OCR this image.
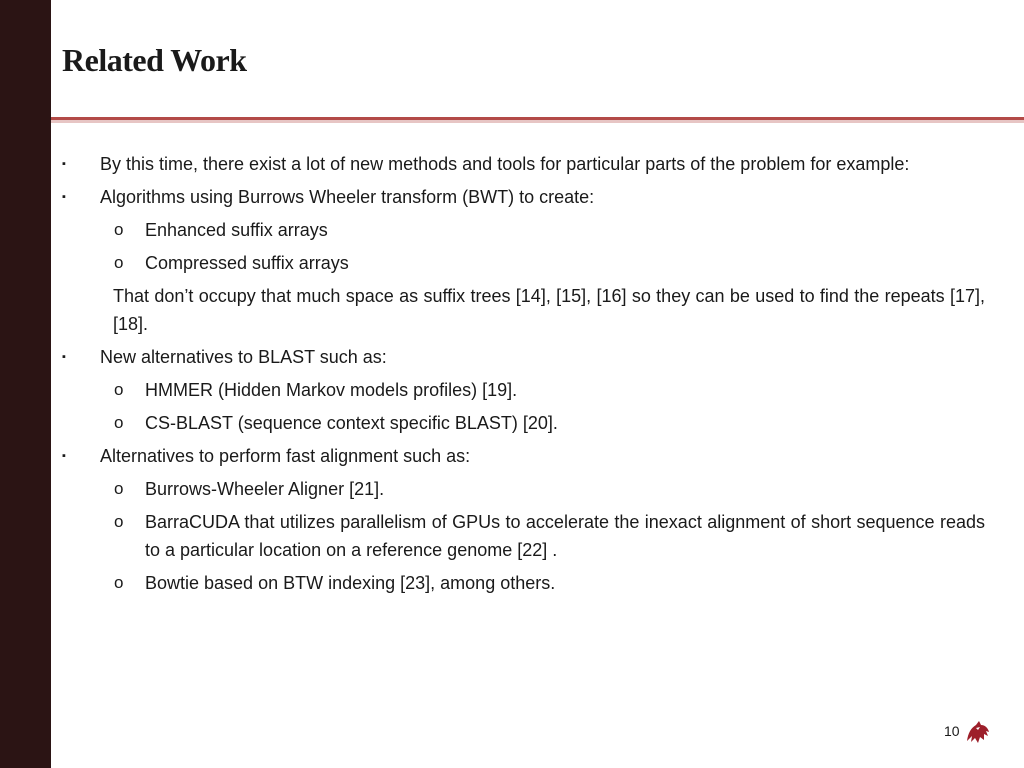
Related Work
▪ By this time, there exist a lot of new methods and tools for particular parts of the problem for example:
▪ Algorithms using Burrows Wheeler transform (BWT) to create:
o Enhanced suffix arrays
o Compressed suffix arrays
That don’t occupy that much space as suffix trees [14], [15], [16] so they can be used to find the repeats [17], [18].
▪ New alternatives to BLAST such as:
o HMMER (Hidden Markov models profiles) [19].
o CS-BLAST (sequence context specific BLAST) [20].
▪ Alternatives to perform fast alignment such as:
o Burrows-Wheeler Aligner [21].
o BarraCUDA that utilizes parallelism of GPUs to accelerate the inexact alignment of short sequence reads to a particular location on a reference genome [22] .
o Bowtie based on BTW indexing [23], among others.
10
